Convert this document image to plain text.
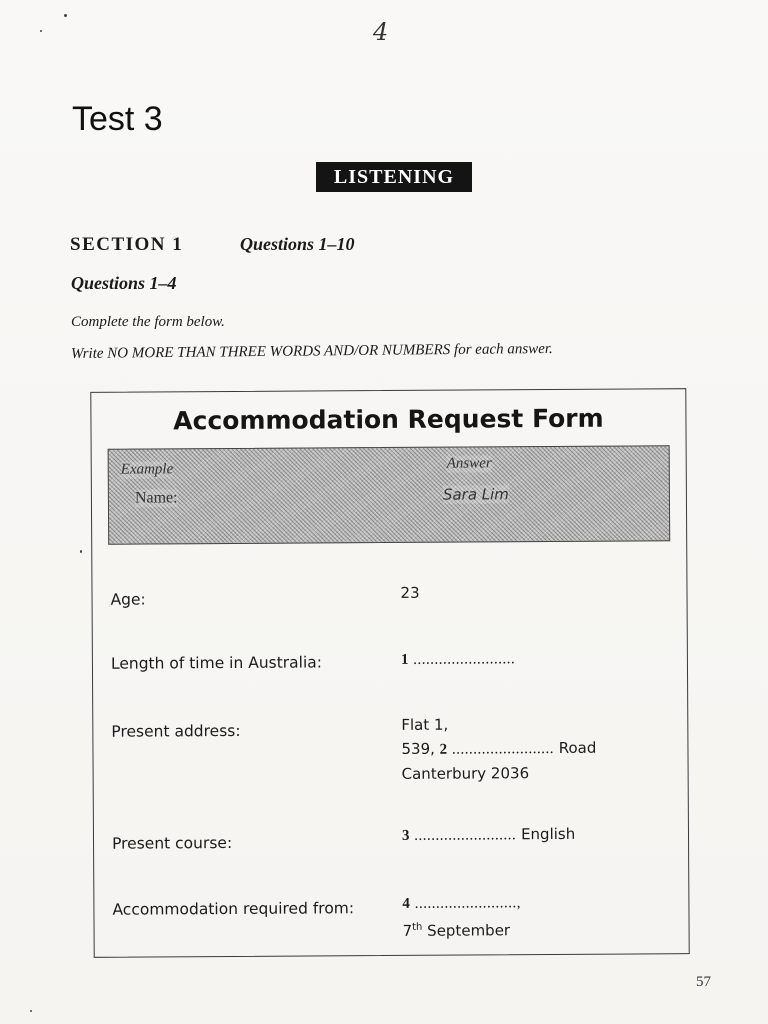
4
Test 3
LISTENING
SECTION 1	Questions 1–10
Questions 1–4
Complete the form below.
Write NO MORE THAN THREE WORDS AND/OR NUMBERS for each answer.
Accommodation Request Form
Example	Answer
Name:	Sara Lim
Age:	23
Length of time in Australia:	1 ........................
Present address:	Flat 1,
539, 2 ........................ Road
Canterbury 2036
Present course:	3 ........................ English
Accommodation required from:	4 ........................,
7th September
57
